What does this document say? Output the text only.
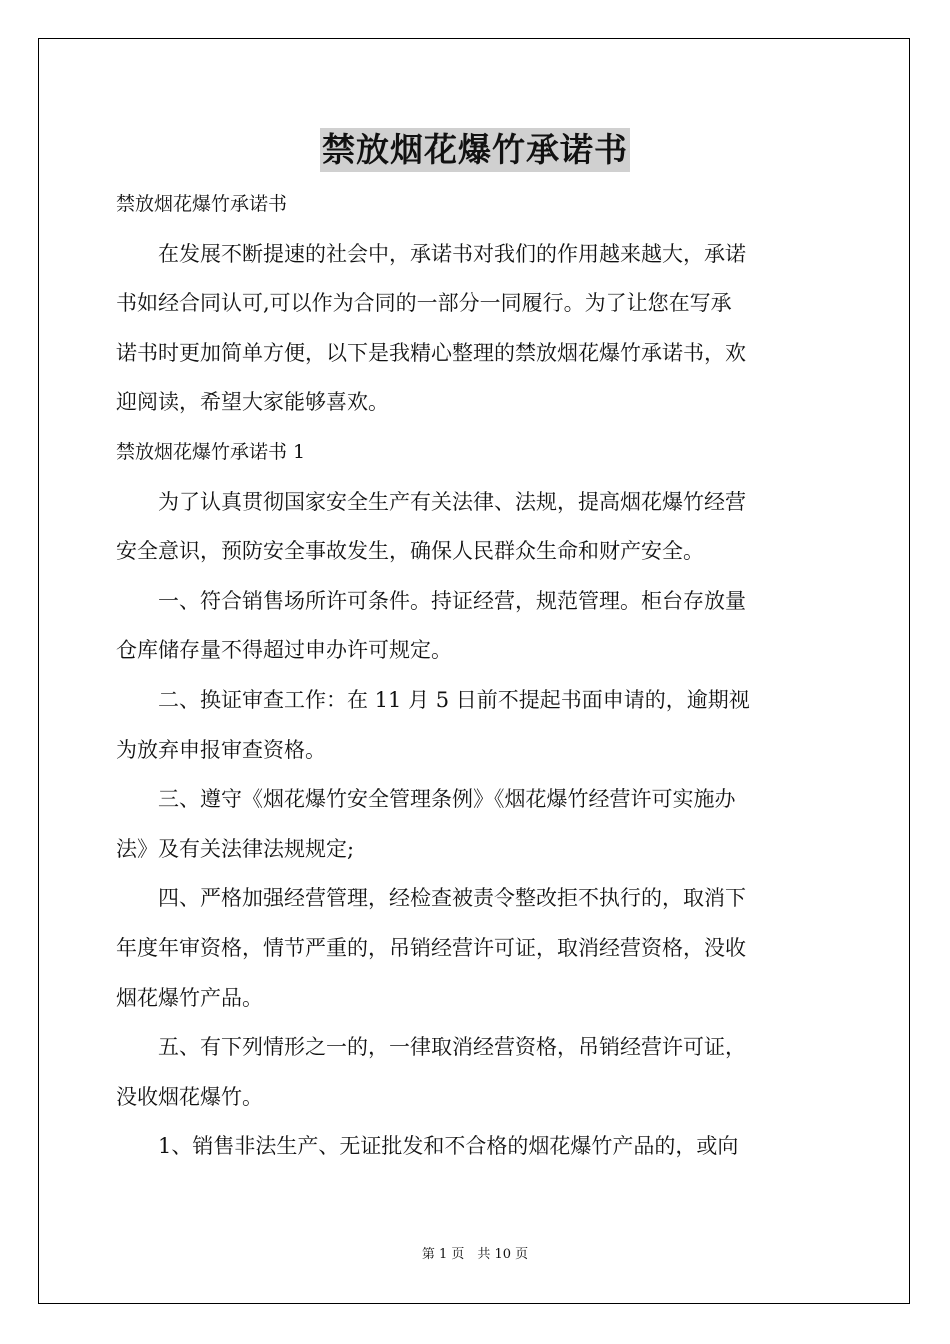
禁放烟花爆竹承诺书
禁放烟花爆竹承诺书
　　在发展不断提速的社会中，承诺书对我们的作用越来越大，承诺
书如经合同认可,可以作为合同的一部分一同履行。为了让您在写承
诺书时更加简单方便，以下是我精心整理的禁放烟花爆竹承诺书，欢
迎阅读，希望大家能够喜欢。
禁放烟花爆竹承诺书 1
　　为了认真贯彻国家安全生产有关法律、法规，提高烟花爆竹经营
安全意识，预防安全事故发生，确保人民群众生命和财产安全。
　　一、符合销售场所许可条件。持证经营，规范管理。柜台存放量
仓库储存量不得超过申办许可规定。
　　二、换证审查工作：在 11 月 5 日前不提起书面申请的，逾期视
为放弃申报审查资格。
　　三、遵守《烟花爆竹安全管理条例》《烟花爆竹经营许可实施办
法》及有关法律法规规定;
　　四、严格加强经营管理，经检查被责令整改拒不执行的，取消下
年度年审资格，情节严重的，吊销经营许可证，取消经营资格，没收
烟花爆竹产品。
　　五、有下列情形之一的，一律取消经营资格，吊销经营许可证，
没收烟花爆竹。
　　1、销售非法生产、无证批发和不合格的烟花爆竹产品的，或向
第 1 页　共 10 页
